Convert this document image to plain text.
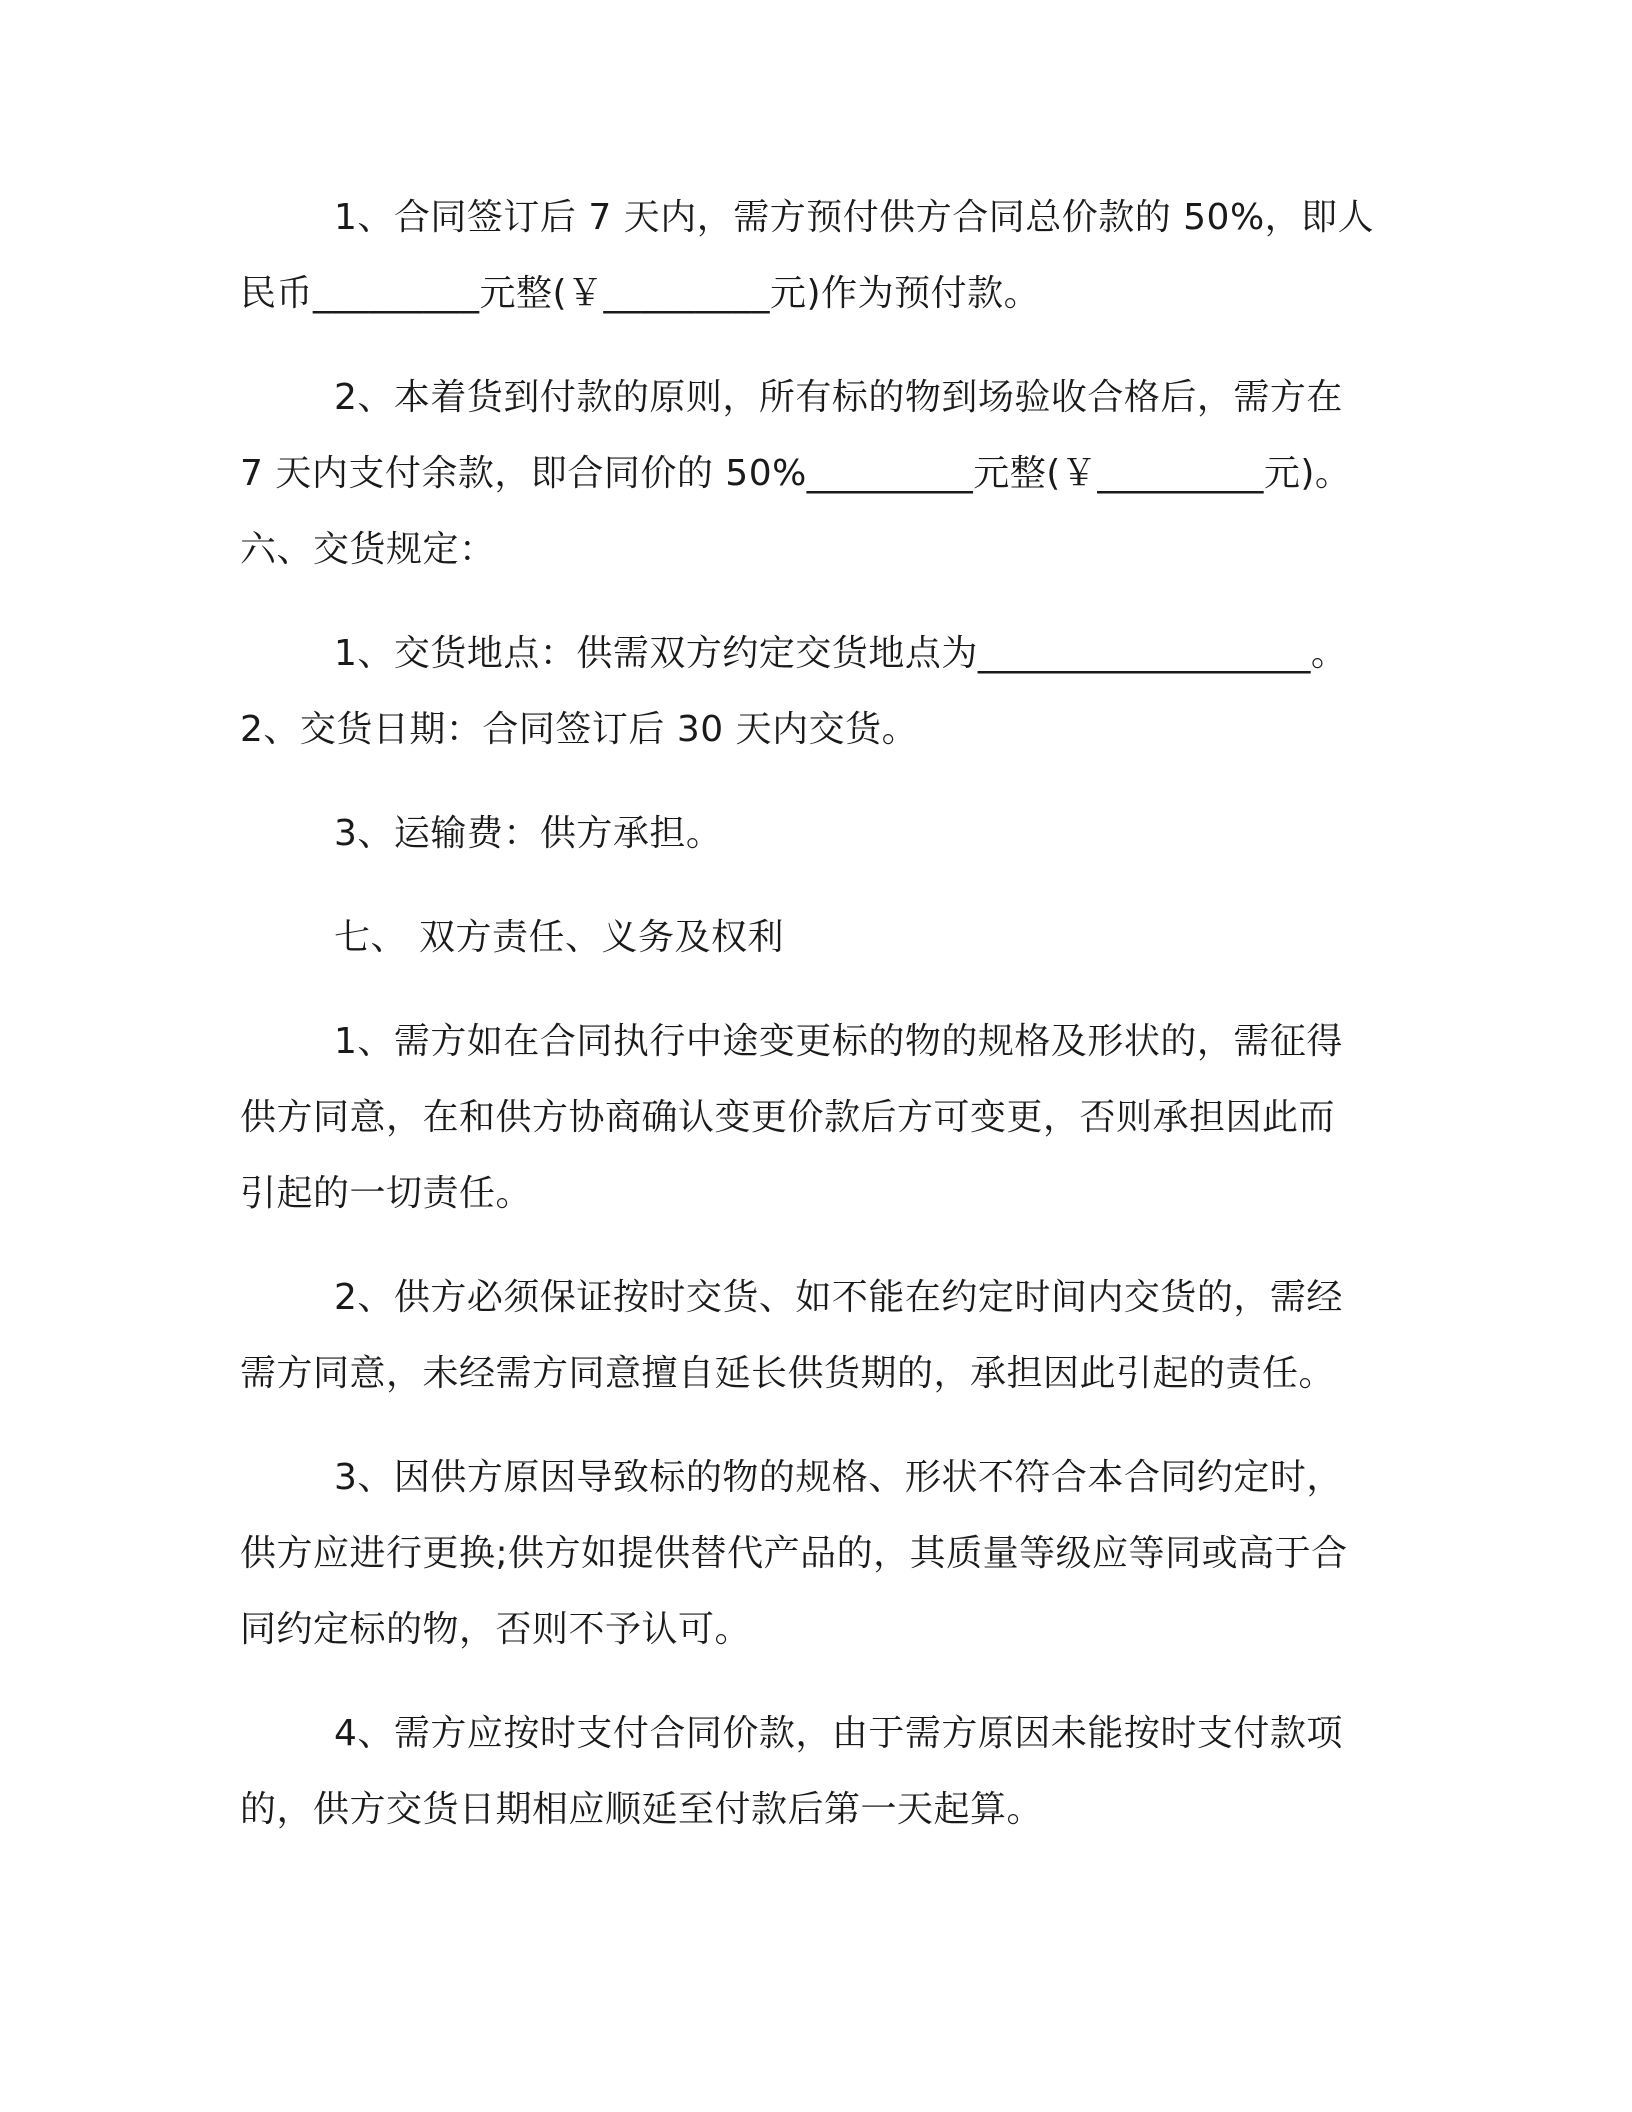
1、合同签订后 7 天内，需方预付供方合同总价款的 50%，即人
民币_________元整(￥_________元)作为预付款。
2、本着货到付款的原则，所有标的物到场验收合格后，需方在
7 天内支付余款，即合同价的 50%_________元整(￥_________元)。
六、交货规定：
1、交货地点：供需双方约定交货地点为__________________。
2、交货日期：合同签订后 30 天内交货。
3、运输费：供方承担。
七、 双方责任、义务及权利
1、需方如在合同执行中途变更标的物的规格及形状的，需征得
供方同意，在和供方协商确认变更价款后方可变更，否则承担因此而
引起的一切责任。
2、供方必须保证按时交货、如不能在约定时间内交货的，需经
需方同意，未经需方同意擅自延长供货期的，承担因此引起的责任。
3、因供方原因导致标的物的规格、形状不符合本合同约定时，
供方应进行更换;供方如提供替代产品的，其质量等级应等同或高于合
同约定标的物，否则不予认可。
4、需方应按时支付合同价款，由于需方原因未能按时支付款项
的，供方交货日期相应顺延至付款后第一天起算。
